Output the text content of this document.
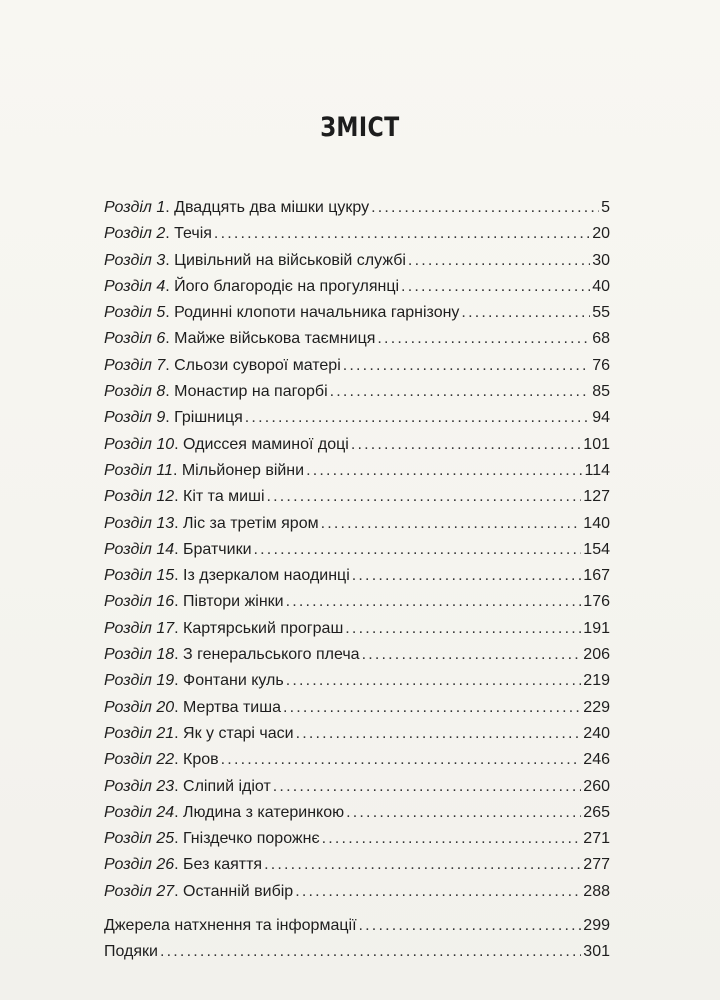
ЗМІСТ
Розділ 1. Двадцять два мішки цукру .....	5
Розділ 2. Течія .....	20
Розділ 3. Цивільний на військовій службі .....	30
Розділ 4. Його благородіє на прогулянці .....	40
Розділ 5. Родинні клопоти начальника гарнізону .....	55
Розділ 6. Майже військова таємниця .....	68
Розділ 7. Сльози суворої матері .....	76
Розділ 8. Монастир на пагорбі .....	85
Розділ 9. Грішниця .....	94
Розділ 10. Одиссея маминої доці .....	101
Розділ 11. Мільйонер війни .....	114
Розділ 12. Кіт та миші .....	127
Розділ 13. Ліс за третім яром .....	140
Розділ 14. Братчики .....	154
Розділ 15. Із дзеркалом наодинці .....	167
Розділ 16. Півтори жінки .....	176
Розділ 17. Картярський програш .....	191
Розділ 18. З генеральського плеча .....	206
Розділ 19. Фонтани куль .....	219
Розділ 20. Мертва тиша .....	229
Розділ 21. Як у старі часи .....	240
Розділ 22. Кров .....	246
Розділ 23. Сліпий ідіот .....	260
Розділ 24. Людина з катеринкою .....	265
Розділ 25. Гніздечко порожнє .....	271
Розділ 26. Без каяття .....	277
Розділ 27. Останній вибір .....	288
Джерела натхнення та інформації .....	299
Подяки .....	301
